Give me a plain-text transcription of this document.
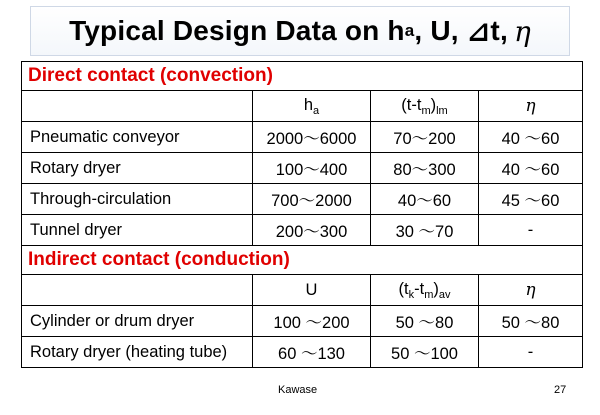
Typical Design Data on h a , U, ⊿ t, η
Direct contact (convection)			
	$h_a$	$(t-t_m)_{lm}$	η
Pneumatic conveyor	2000～6000	70～200	40 ～60
Rotary dryer	100～400	80～300	40 ～60
Through-circulation	700～2000	40～60	45 ～60
Tunnel dryer	200～300	30 ～70	-
Indirect contact (conduction)			
	U	$(t_k-t_m)_{av}$	η
Cylinder or drum dryer	100 ～200	50 ～80	50 ～80

Rotary dryer (heating tube)	60 ～130	50 ～100	-
Kawase	27
